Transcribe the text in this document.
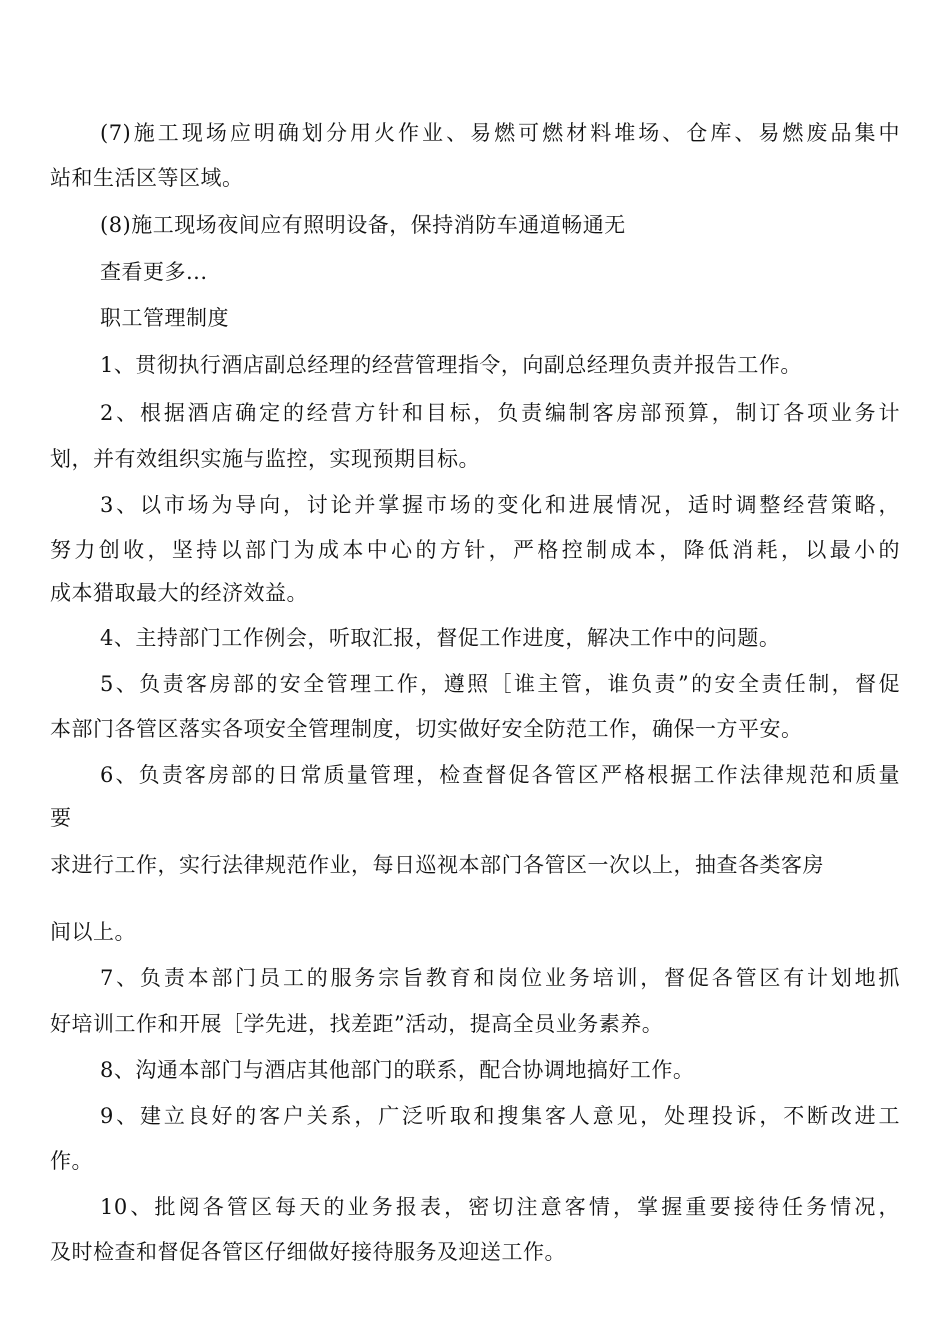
(7)施工现场应明确划分用火作业、易燃可燃材料堆场、仓库、易燃废品集中
站和生活区等区域。
(8)施工现场夜间应有照明设备，保持消防车通道畅通无
查看更多...
职工管理制度
1、贯彻执行酒店副总经理的经营管理指令，向副总经理负责并报告工作。
2、根据酒店确定的经营方针和目标，负责编制客房部预算，制订各项业务计
划，并有效组织实施与监控，实现预期目标。
3、以市场为导向，讨论并掌握市场的变化和进展情况，适时调整经营策略，
努力创收，坚持以部门为成本中心的方针，严格控制成本，降低消耗，以最小的
成本猎取最大的经济效益。
4、主持部门工作例会，听取汇报，督促工作进度，解决工作中的问题。
5、负责客房部的安全管理工作，遵照［谁主管，谁负责”的安全责任制，督促
本部门各管区落实各项安全管理制度，切实做好安全防范工作，确保一方平安。
6、负责客房部的日常质量管理，检查督促各管区严格根据工作法律规范和质量
要
求进行工作，实行法律规范作业，每日巡视本部门各管区一次以上，抽查各类客房
间以上。
7、负责本部门员工的服务宗旨教育和岗位业务培训，督促各管区有计划地抓
好培训工作和开展［学先进，找差距”活动，提高全员业务素养。
8、沟通本部门与酒店其他部门的联系，配合协调地搞好工作。
9、建立良好的客户关系，广泛听取和搜集客人意见，处理投诉，不断改进工
作。
10、批阅各管区每天的业务报表，密切注意客情，掌握重要接待任务情况，
及时检查和督促各管区仔细做好接待服务及迎送工作。
